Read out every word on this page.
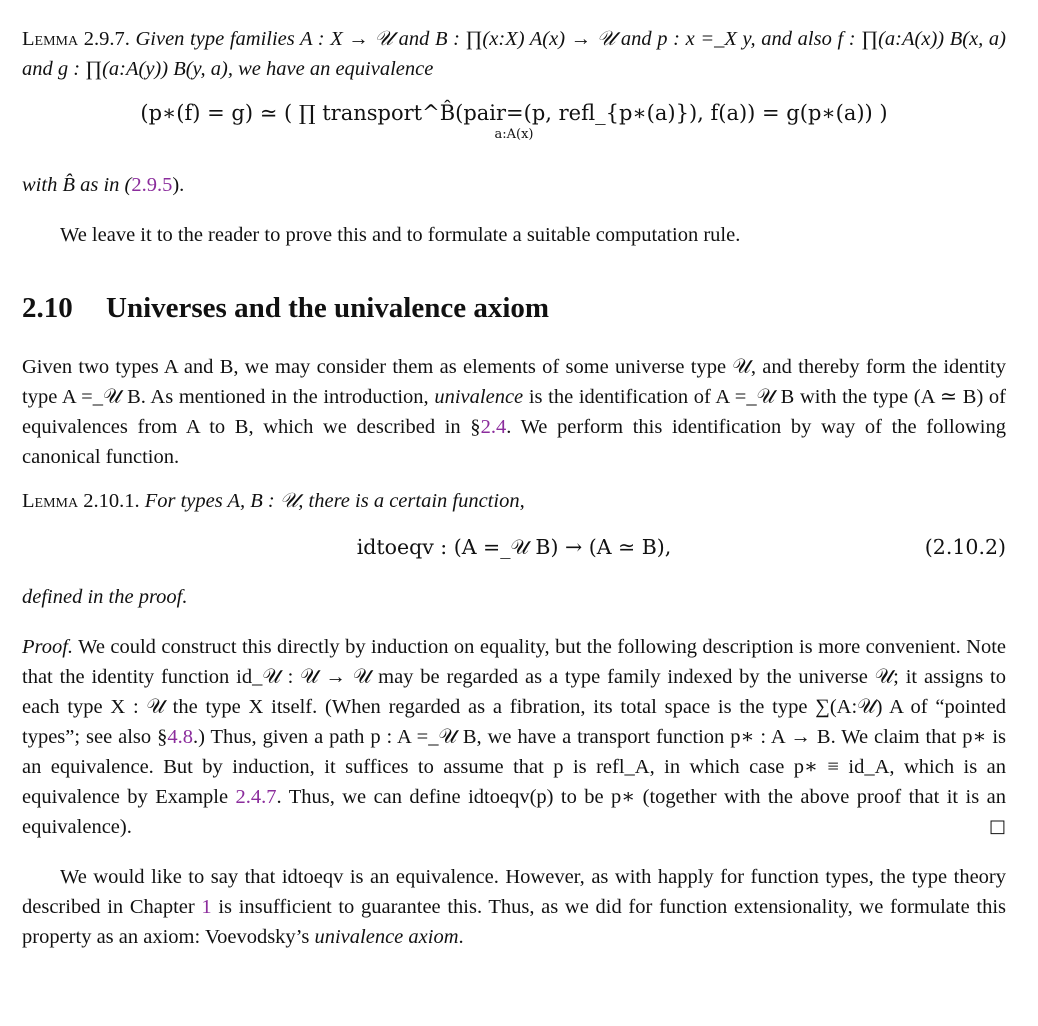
Lemma 2.9.7. Given type families A : X → 𝒰 and B : ∏(x:X) A(x) → 𝒰 and p : x =_X y, and also f : ∏(a:A(x)) B(x, a) and g : ∏(a:A(y)) B(y, a), we have an equivalence

(p∗(f) = g) ≃ ( ∏ transport^B̂(pair=(p, refl_{p∗(a)}), f(a)) = g(p∗(a)) )
a:A(x)

with B̂ as in (2.9.5).

We leave it to the reader to prove this and to formulate a suitable computation rule.

2.10 Universes and the univalence axiom

Given two types A and B, we may consider them as elements of some universe type 𝒰, and thereby form the identity type A =_𝒰 B. As mentioned in the introduction, univalence is the identification of A =_𝒰 B with the type (A ≃ B) of equivalences from A to B, which we described in §2.4. We perform this identification by way of the following canonical function.

Lemma 2.10.1. For types A, B : 𝒰, there is a certain function,

idtoeqv : (A =_𝒰 B) → (A ≃ B),	(2.10.2)

defined in the proof.

Proof. We could construct this directly by induction on equality, but the following description is more convenient. Note that the identity function id_𝒰 : 𝒰 → 𝒰 may be regarded as a type family indexed by the universe 𝒰; it assigns to each type X : 𝒰 the type X itself. (When regarded as a fibration, its total space is the type ∑(A:𝒰) A of “pointed types”; see also §4.8.) Thus, given a path p : A =_𝒰 B, we have a transport function p∗ : A → B. We claim that p∗ is an equivalence. But by induction, it suffices to assume that p is refl_A, in which case p∗ ≡ id_A, which is an equivalence by Example 2.4.7. Thus, we can define idtoeqv(p) to be p∗ (together with the above proof that it is an equivalence).	□

We would like to say that idtoeqv is an equivalence. However, as with happly for function types, the type theory described in Chapter 1 is insufficient to guarantee this. Thus, as we did for function extensionality, we formulate this property as an axiom: Voevodsky’s univalence axiom.
